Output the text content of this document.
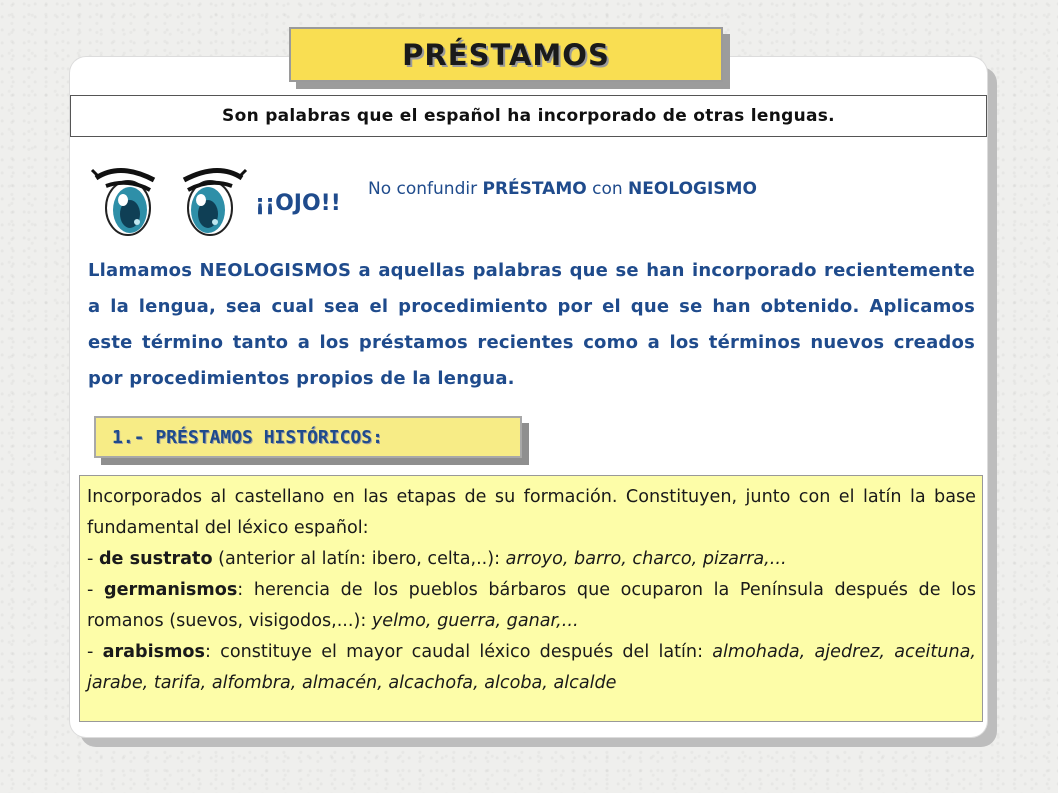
PRÉSTAMOS
Son palabras que el español ha incorporado de otras lenguas.
¡¡OJO!!
No confundir PRÉSTAMO con NEOLOGISMO
Llamamos NEOLOGISMOS a aquellas palabras que se han incorporado recientemente a la lengua, sea cual sea el procedimiento por el que se han obtenido. Aplicamos este término tanto a los préstamos recientes como a los términos nuevos creados por procedimientos propios de la lengua.
1.- PRÉSTAMOS HISTÓRICOS:

Incorporados al castellano en las etapas de su formación. Constituyen, junto con el latín la base fundamental del léxico español:

- de sustrato (anterior al latín: ibero, celta,..): arroyo, barro, charco, pizarra,...

- germanismos: herencia de los pueblos bárbaros que ocuparon la Península después de los romanos (suevos, visigodos,...): yelmo, guerra, ganar,...

- arabismos: constituye el mayor caudal léxico después del latín: almohada, ajedrez, aceituna, jarabe, tarifa, alfombra, almacén, alcachofa, alcoba, alcalde
